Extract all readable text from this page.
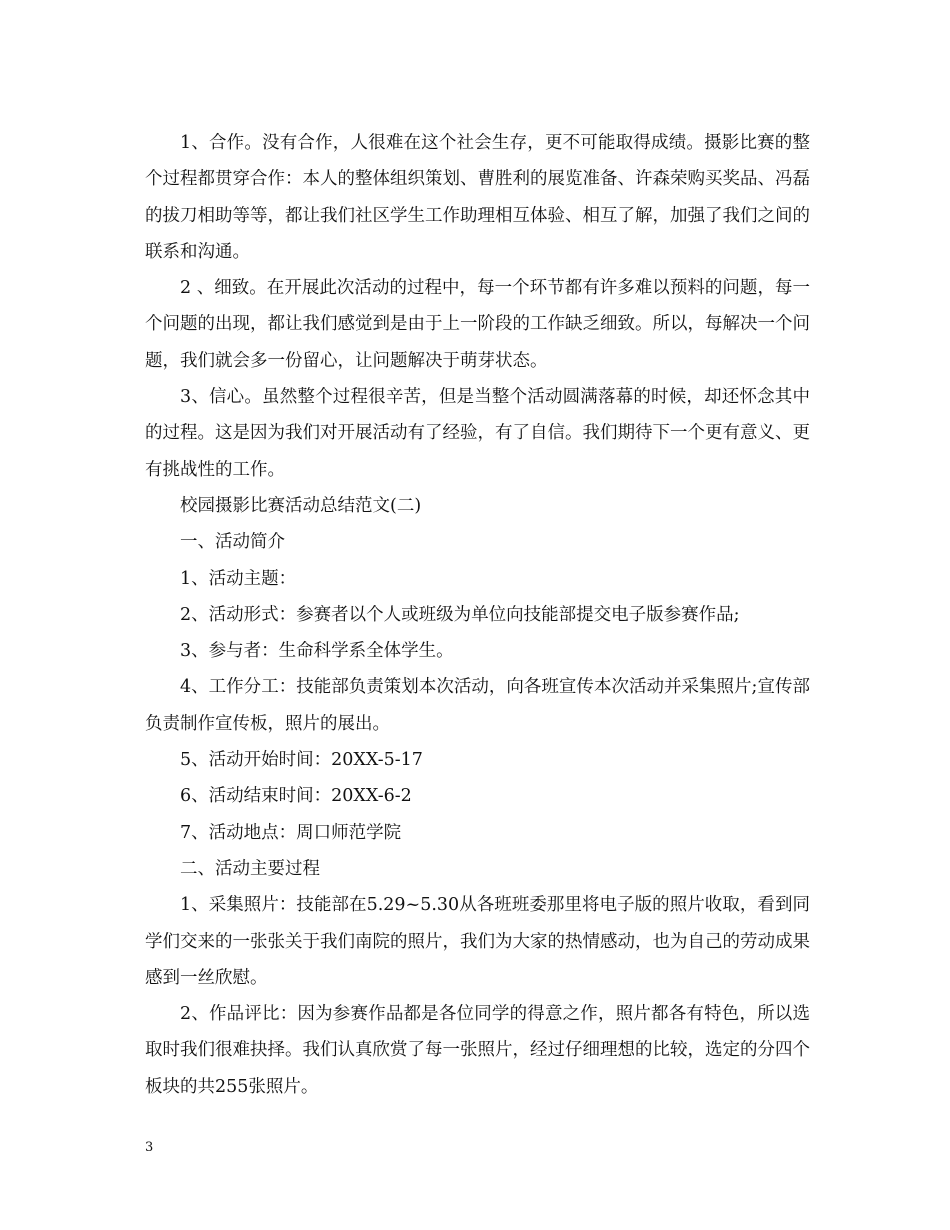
1、合作。没有合作，人很难在这个社会生存，更不可能取得成绩。摄影比赛的整个过程都贯穿合作：本人的整体组织策划、曹胜利的展览准备、许森荣购买奖品、冯磊的拔刀相助等等，都让我们社区学生工作助理相互体验、相互了解，加强了我们之间的联系和沟通。

2 、细致。在开展此次活动的过程中，每一个环节都有许多难以预料的问题，每一个问题的出现，都让我们感觉到是由于上一阶段的工作缺乏细致。所以，每解决一个问题，我们就会多一份留心，让问题解决于萌芽状态。

3、信心。虽然整个过程很辛苦，但是当整个活动圆满落幕的时候，却还怀念其中的过程。这是因为我们对开展活动有了经验，有了自信。我们期待下一个更有意义、更有挑战性的工作。

校园摄影比赛活动总结范文(二)

一、活动简介

1、活动主题：

2、活动形式：参赛者以个人或班级为单位向技能部提交电子版参赛作品;

3、参与者：生命科学系全体学生。

4、工作分工：技能部负责策划本次活动，向各班宣传本次活动并采集照片;宣传部负责制作宣传板，照片的展出。

5、活动开始时间：20XX-5-17

6、活动结束时间：20XX-6-2

7、活动地点：周口师范学院

二、活动主要过程

1、采集照片：技能部在5.29~5.30从各班班委那里将电子版的照片收取，看到同学们交来的一张张关于我们南院的照片，我们为大家的热情感动，也为自己的劳动成果感到一丝欣慰。

2、作品评比：因为参赛作品都是各位同学的得意之作，照片都各有特色，所以选取时我们很难抉择。我们认真欣赏了每一张照片，经过仔细理想的比较，选定的分四个板块的共255张照片。

3
